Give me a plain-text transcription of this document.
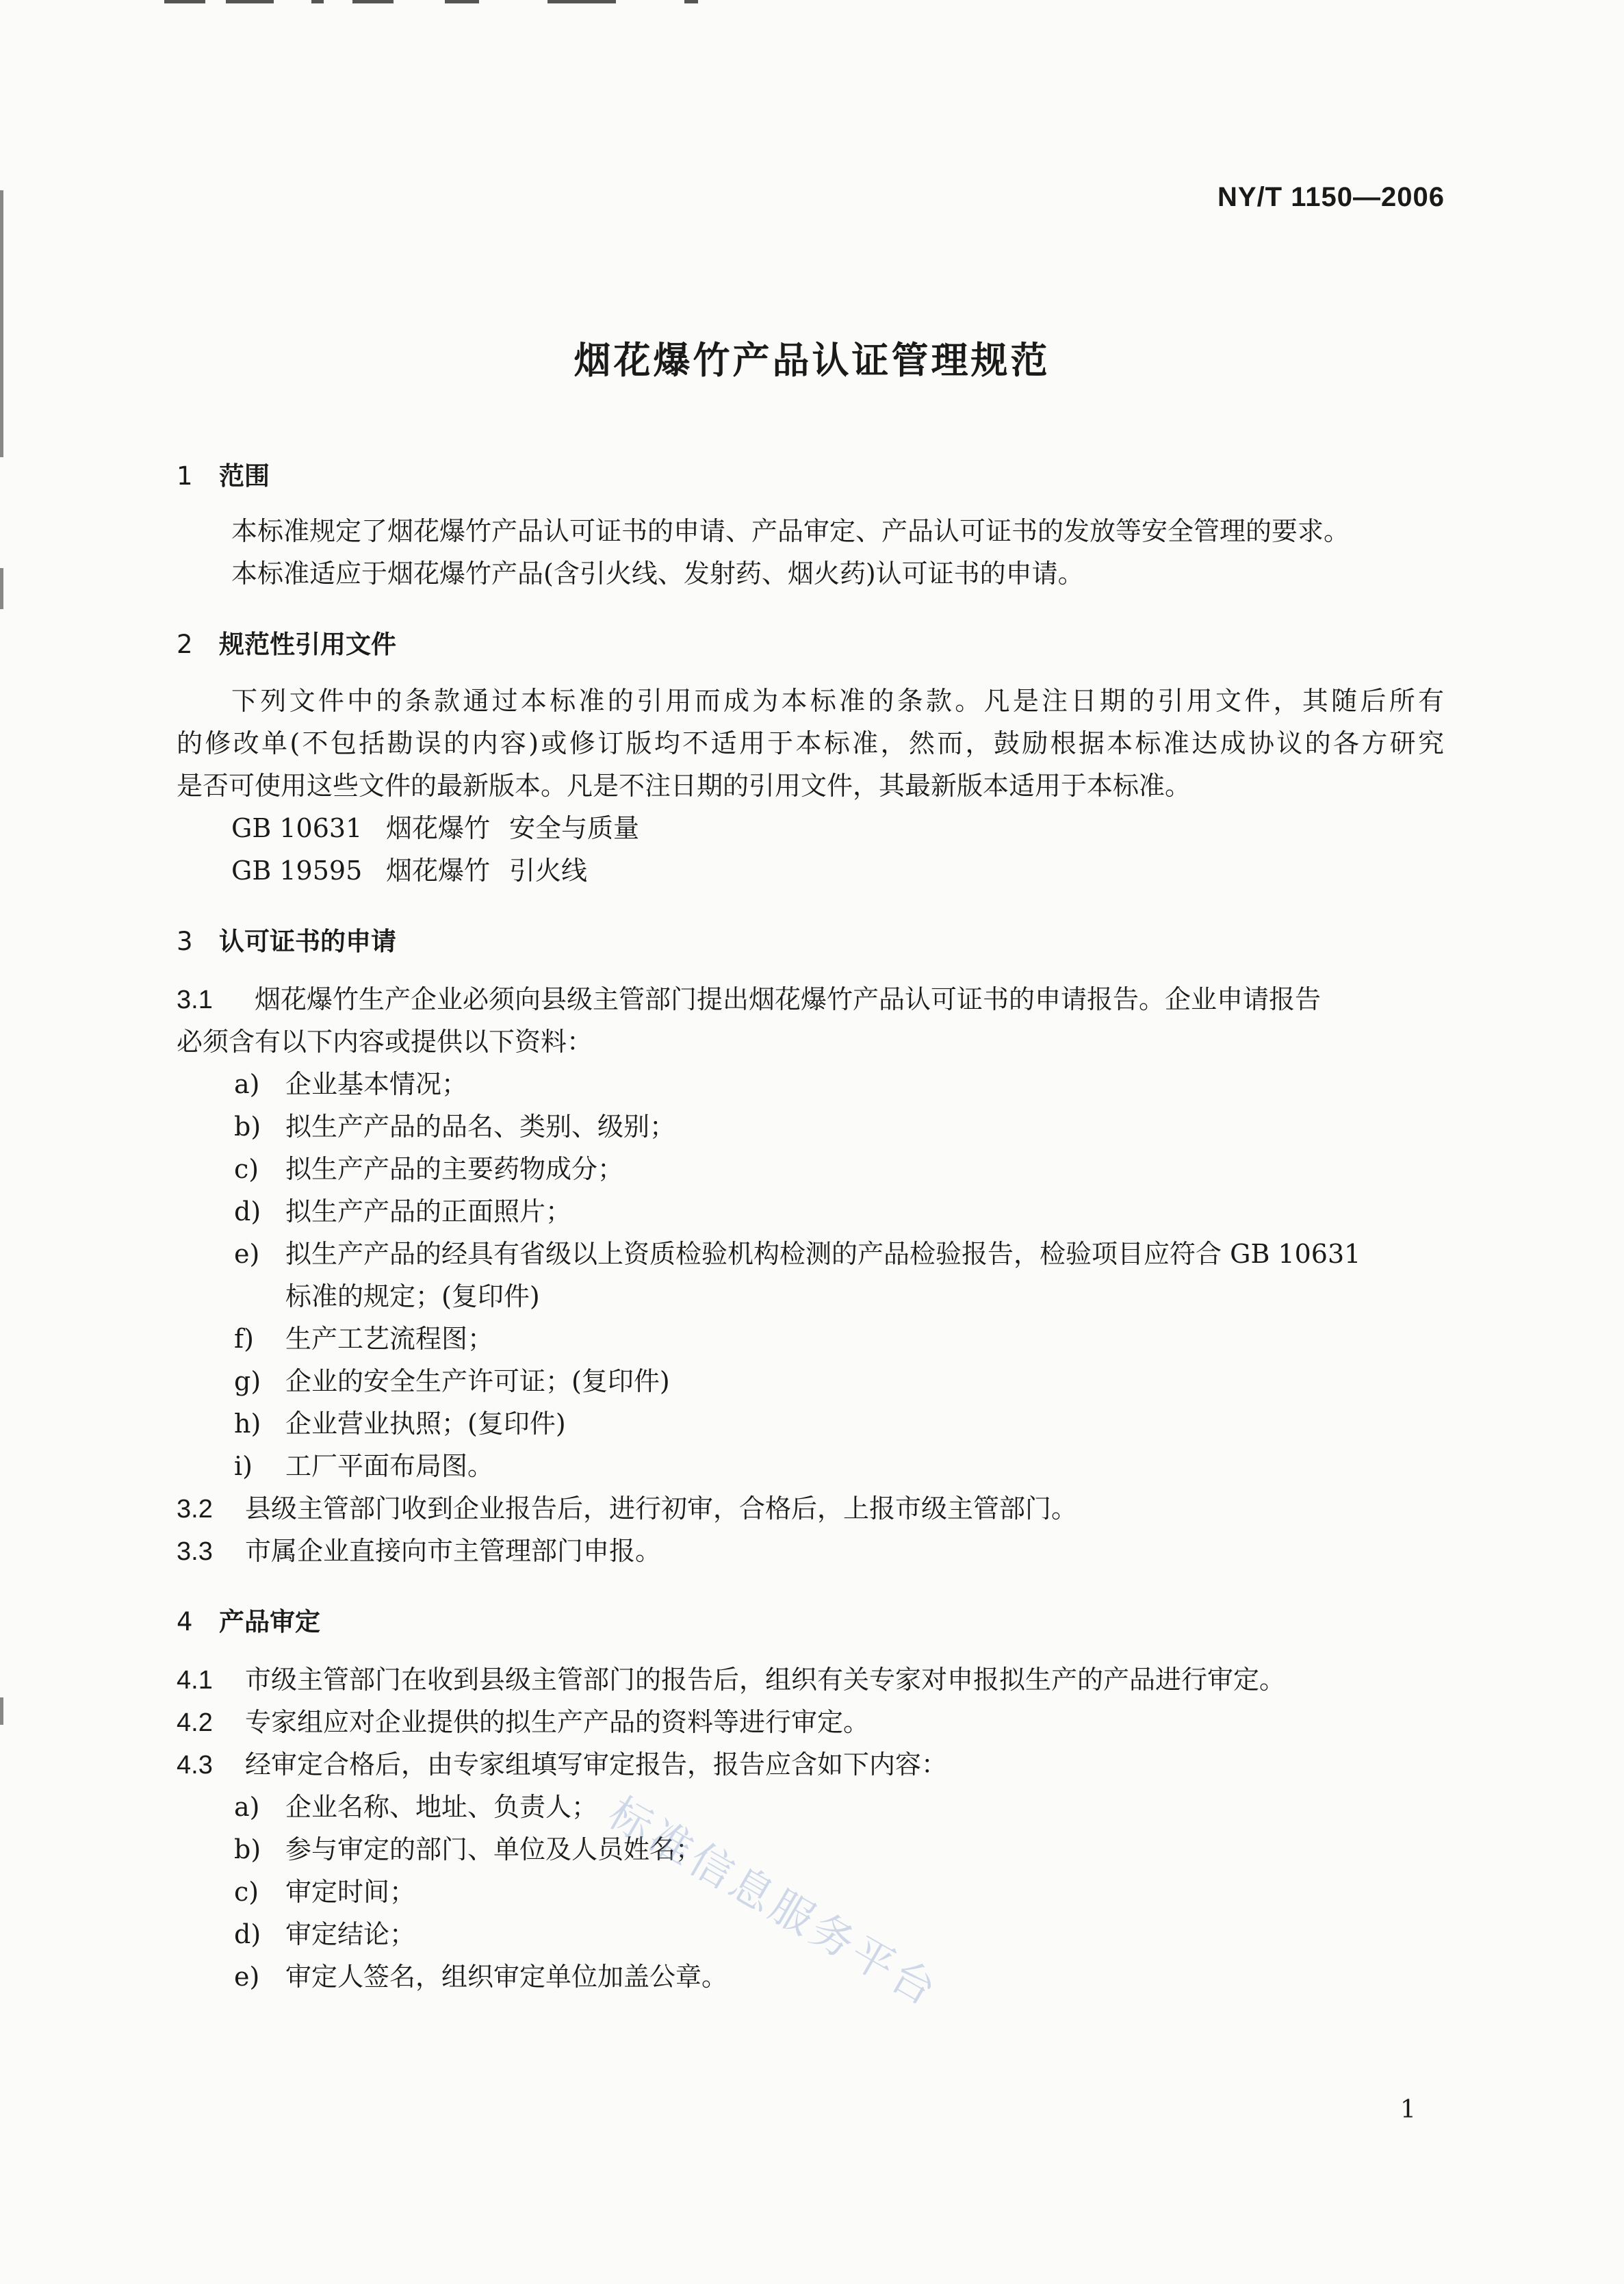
NY/T 1150—2006
烟花爆竹产品认证管理规范
1 范围
本标准规定了烟花爆竹产品认可证书的申请、产品审定、产品认可证书的发放等安全管理的要求。
本标准适应于烟花爆竹产品(含引火线、发射药、烟火药)认可证书的申请。
2 规范性引用文件
下列文件中的条款通过本标准的引用而成为本标准的条款。凡是注日期的引用文件，其随后所有
的修改单(不包括勘误的内容)或修订版均不适用于本标准，然而，鼓励根据本标准达成协议的各方研究
是否可使用这些文件的最新版本。凡是不注日期的引用文件，其最新版本适用于本标准。
GB 10631 烟花爆竹 安全与质量
GB 19595 烟花爆竹 引火线
3 认可证书的申请
3.1 烟花爆竹生产企业必须向县级主管部门提出烟花爆竹产品认可证书的申请报告。企业申请报告
必须含有以下内容或提供以下资料：
a) 企业基本情况；
b) 拟生产产品的品名、类别、级别；
c) 拟生产产品的主要药物成分；
d) 拟生产产品的正面照片；
e) 拟生产产品的经具有省级以上资质检验机构检测的产品检验报告，检验项目应符合 GB 10631
标准的规定；(复印件)
f) 生产工艺流程图；
g) 企业的安全生产许可证；(复印件)
h) 企业营业执照；(复印件)
i) 工厂平面布局图。
3.2 县级主管部门收到企业报告后，进行初审，合格后，上报市级主管部门。
3.3 市属企业直接向市主管理部门申报。
4 产品审定
4.1 市级主管部门在收到县级主管部门的报告后，组织有关专家对申报拟生产的产品进行审定。
4.2 专家组应对企业提供的拟生产产品的资料等进行审定。
4.3 经审定合格后，由专家组填写审定报告，报告应含如下内容：
a) 企业名称、地址、负责人；
b) 参与审定的部门、单位及人员姓名；
c) 审定时间；
d) 审定结论；
e) 审定人签名，组织审定单位加盖公章。
标准信息服务平台
1
